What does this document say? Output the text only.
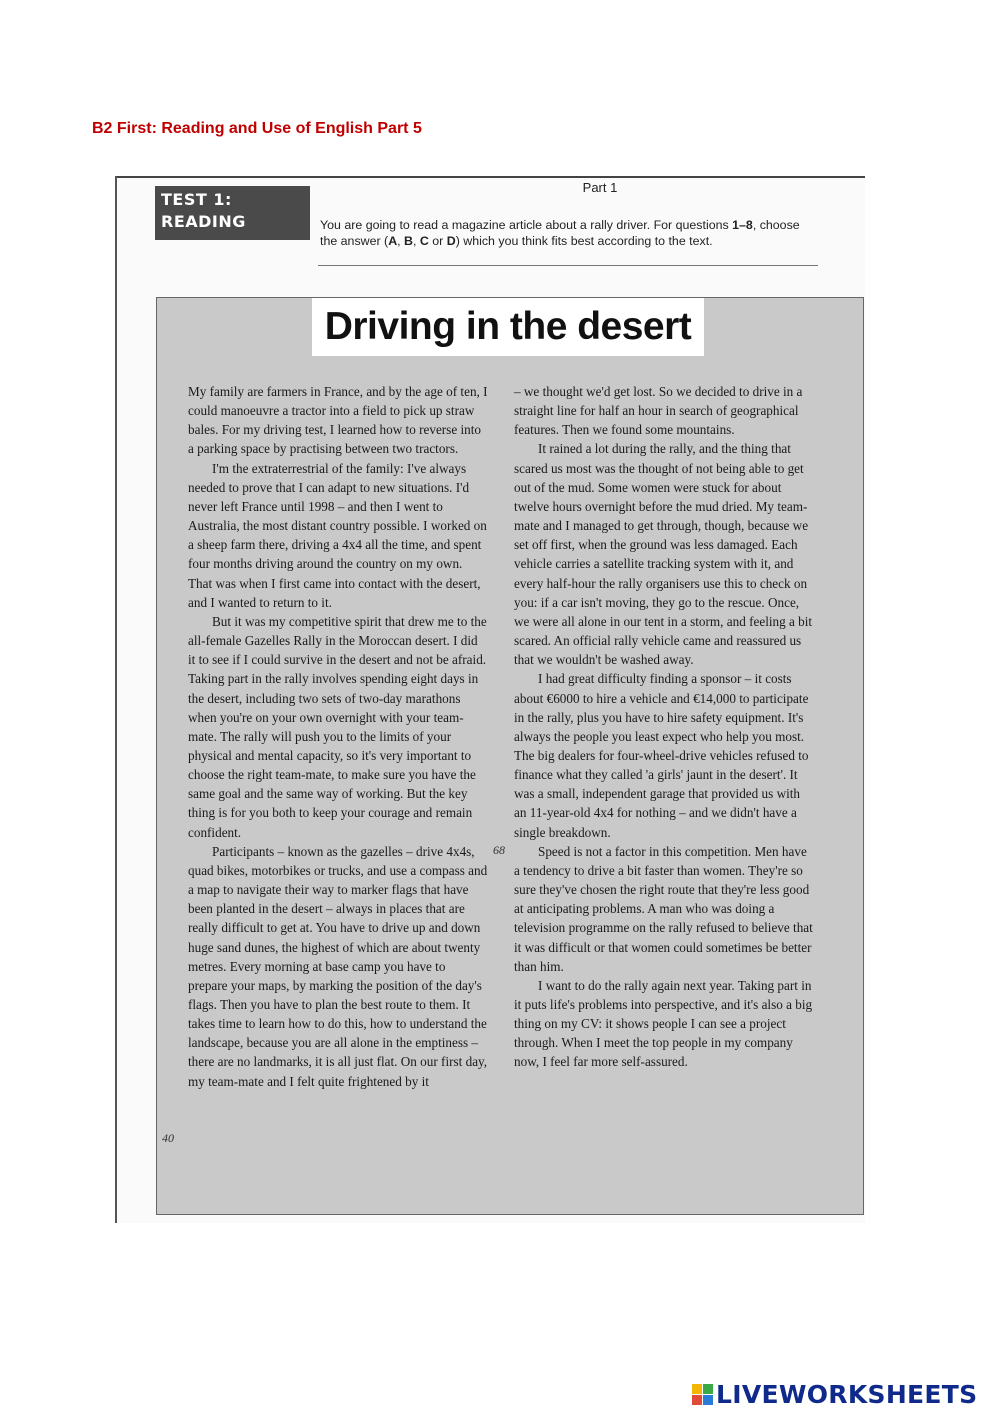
B2 First: Reading and Use of English Part 5
TEST 1:
READING
Part 1
You are going to read a magazine article about a rally driver. For questions 1–8, choose the answer (A, B, C or D) which you think fits best according to the text.
Driving in the desert

My family are farmers in France, and by the age of ten, I could manoeuvre a tractor into a field to pick up straw bales. For my driving test, I learned how to reverse into a parking space by practising between two tractors.

I'm the extraterrestrial of the family: I've always needed to prove that I can adapt to new situations. I'd never left France until 1998 – and then I went to Australia, the most distant country possible. I worked on a sheep farm there, driving a 4x4 all the time, and spent four months driving around the country on my own. That was when I first came into contact with the desert, and I wanted to return to it.

But it was my competitive spirit that drew me to the all-female Gazelles Rally in the Moroccan desert. I did it to see if I could survive in the desert and not be afraid. Taking part in the rally involves spending eight days in the desert, including two sets of two-day marathons when you're on your own overnight with your team-mate. The rally will push you to the limits of your physical and mental capacity, so it's very important to choose the right team-mate, to make sure you have the same goal and the same way of working. But the key thing is for you both to keep your courage and remain confident.

Participants – known as the gazelles – drive 4x4s, quad bikes, motorbikes or trucks, and use a compass and a map to navigate their way to marker flags that have been planted in the desert – always in places that are really difficult to get at. You have to drive up and down huge sand dunes, the highest of which are about twenty metres. Every morning at base camp you have to prepare your maps, by marking the position of the day's flags. Then you have to plan the best route to them. It takes time to learn how to do this, how to understand the landscape, because you are all alone in the emptiness – there are no landmarks, it is all just flat. On our first day, my team-mate and I felt quite frightened by it

– we thought we'd get lost. So we decided to drive in a straight line for half an hour in search of geographical features. Then we found some mountains.

It rained a lot during the rally, and the thing that scared us most was the thought of not being able to get out of the mud. Some women were stuck for about twelve hours overnight before the mud dried. My team-mate and I managed to get through, though, because we set off first, when the ground was less damaged. Each vehicle carries a satellite tracking system with it, and every half-hour the rally organisers use this to check on you: if a car isn't moving, they go to the rescue. Once, we were all alone in our tent in a storm, and feeling a bit scared. An official rally vehicle came and reassured us that we wouldn't be washed away.

I had great difficulty finding a sponsor – it costs about €6000 to hire a vehicle and €14,000 to participate in the rally, plus you have to hire safety equipment. It's always the people you least expect who help you most. The big dealers for four-wheel-drive vehicles refused to finance what they called 'a girls' jaunt in the desert'. It was a small, independent garage that provided us with an 11-year-old 4x4 for nothing – and we didn't have a single breakdown.

Speed is not a factor in this competition. Men have a tendency to drive a bit faster than women. They're so sure they've chosen the right route that they're less good at anticipating problems. A man who was doing a television programme on the rally refused to believe that it was difficult or that women could sometimes be better than him.

I want to do the rally again next year. Taking part in it puts life's problems into perspective, and it's also a big thing on my CV: it shows people I can see a project through. When I meet the top people in my company now, I feel far more self-assured.

68
40
LIVEWORKSHEETS
